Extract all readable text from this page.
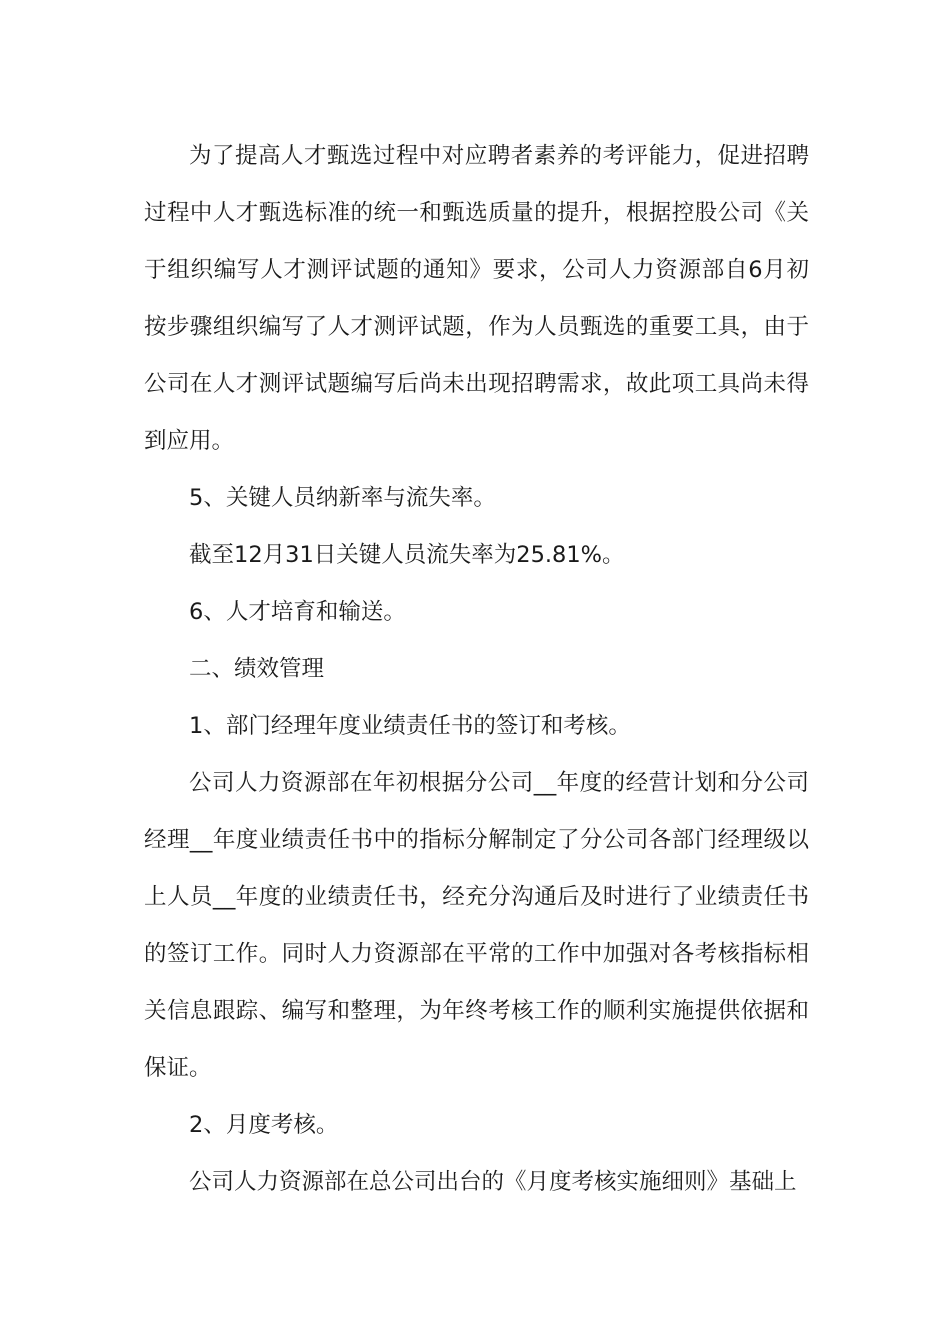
为了提高人才甄选过程中对应聘者素养的考评能力，促进招聘过程中人才甄选标准的统一和甄选质量的提升，根据控股公司《关于组织编写人才测评试题的通知》要求，公司人力资源部自6月初按步骤组织编写了人才测评试题，作为人员甄选的重要工具，由于公司在人才测评试题编写后尚未出现招聘需求，故此项工具尚未得到应用。

5、关键人员纳新率与流失率。

截至12月31日关键人员流失率为25.81%。

6、人才培育和输送。

二、绩效管理

1、部门经理年度业绩责任书的签订和考核。

公司人力资源部在年初根据分公司__年度的经营计划和分公司经理__年度业绩责任书中的指标分解制定了分公司各部门经理级以上人员__年度的业绩责任书，经充分沟通后及时进行了业绩责任书的签订工作。同时人力资源部在平常的工作中加强对各考核指标相关信息跟踪、编写和整理，为年终考核工作的顺利实施提供依据和保证。

2、月度考核。

公司人力资源部在总公司出台的《月度考核实施细则》基础上
